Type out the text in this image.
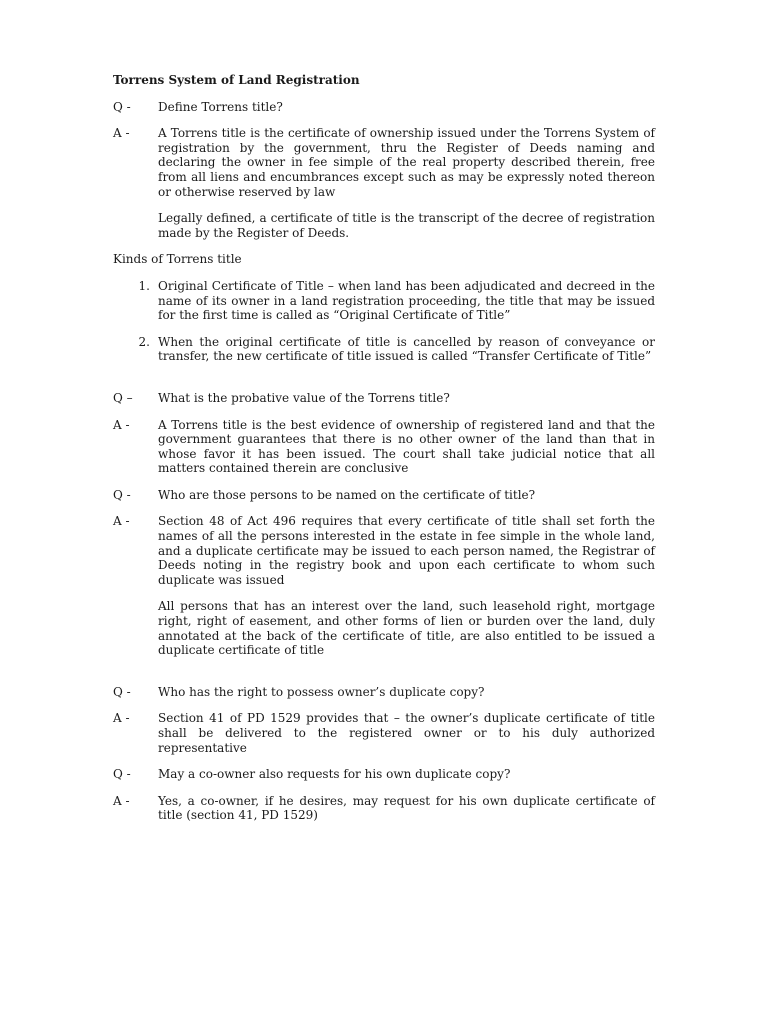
Torrens System of Land Registration
Q -	Define Torrens title?

A -	A Torrens title is the certificate of ownership issued under the Torrens System of registration by the government, thru the Register of Deeds naming and declaring the owner in fee simple of the real property described therein, free from all liens and encumbrances except such as may be expressly noted thereon or otherwise reserved by law

Legally defined, a certificate of title is the transcript of the decree of registration made by the Register of Deeds.

Kinds of Torrens title
1. Original Certificate of Title – when land has been adjudicated and decreed in the name of its owner in a land registration proceeding, the title that may be issued for the first time is called as “Original Certificate of Title”
2. When the original certificate of title is cancelled by reason of conveyance or transfer, the new certificate of title issued is called “Transfer Certificate of Title”
Q –	What is the probative value of the Torrens title?

A -	A Torrens title is the best evidence of ownership of registered land and that the government guarantees that there is no other owner of the land than that in whose favor it has been issued. The court shall take judicial notice that all matters contained therein are conclusive

Q -	Who are those persons to be named on the certificate of title?

A -	Section 48 of Act 496 requires that every certificate of title shall set forth the names of all the persons interested in the estate in fee simple in the whole land, and a duplicate certificate may be issued to each person named, the Registrar of Deeds noting in the registry book and upon each certificate to whom such duplicate was issued

All persons that has an interest over the land, such leasehold right, mortgage right, right of easement, and other forms of lien or burden over the land, duly annotated at the back of the certificate of title, are also entitled to be issued a duplicate certificate of title

Q -	Who has the right to possess owner’s duplicate copy?

A -	Section 41 of PD 1529 provides that – the owner’s duplicate certificate of title shall be delivered to the registered owner or to his duly authorized representative

Q -	May a co-owner also requests for his own duplicate copy?

A -	Yes, a co-owner, if he desires, may request for his own duplicate certificate of title (section 41, PD 1529)
